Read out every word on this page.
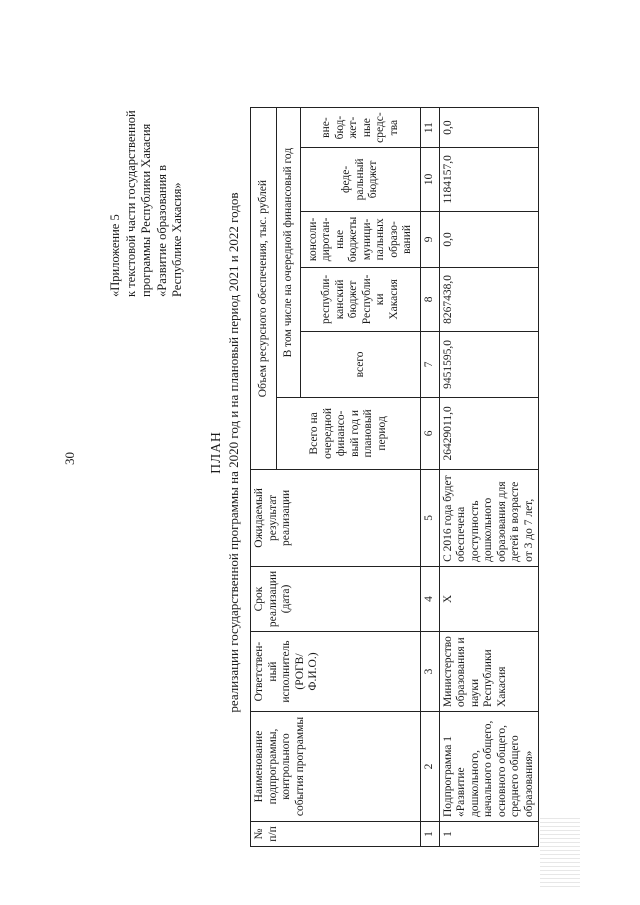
30
«Приложение 5 к текстовой части государственной программы Республики Хакасия «Развитие образования в Республике Хакасия»
ПЛАН реализации государственной программы на 2020 год и на плановый период 2021 и 2022 годов
№ п/п	Наименование подпрограммы, контрольного события программы	Ответствен-ный исполнитель (РОГВ/Ф.И.О.)	Срок реализации (дата)	Ожидаемый результат реализации	Объем ресурсного обеспечения, тыс. рублей					
					Всего на очередной финансо-вый год и плановый период	В том числе на очередной финансовый год				
						всего	республи-канский бюджет Республи-ки Хакасия	консоли-диротан-ные бюджеты муници-пальных образо-ваний	феде-ральный бюджет	вне-бюд-жет-ные средс-тва
1	2	3	4	5	6	7	8	9	10	11
1	Подпрограмма 1 «Развитие дошкольного, начального общего, основного общего, среднего общего образования»	Министерство образования и науки Республики Хакасия	Х	С 2016 года будет обеспечена доступность дошкольного образования для детей в возрасте от 3 до 7 лет,	26429011,0	9451595,0	8267438,0	0,0	1184157,0	0,0
